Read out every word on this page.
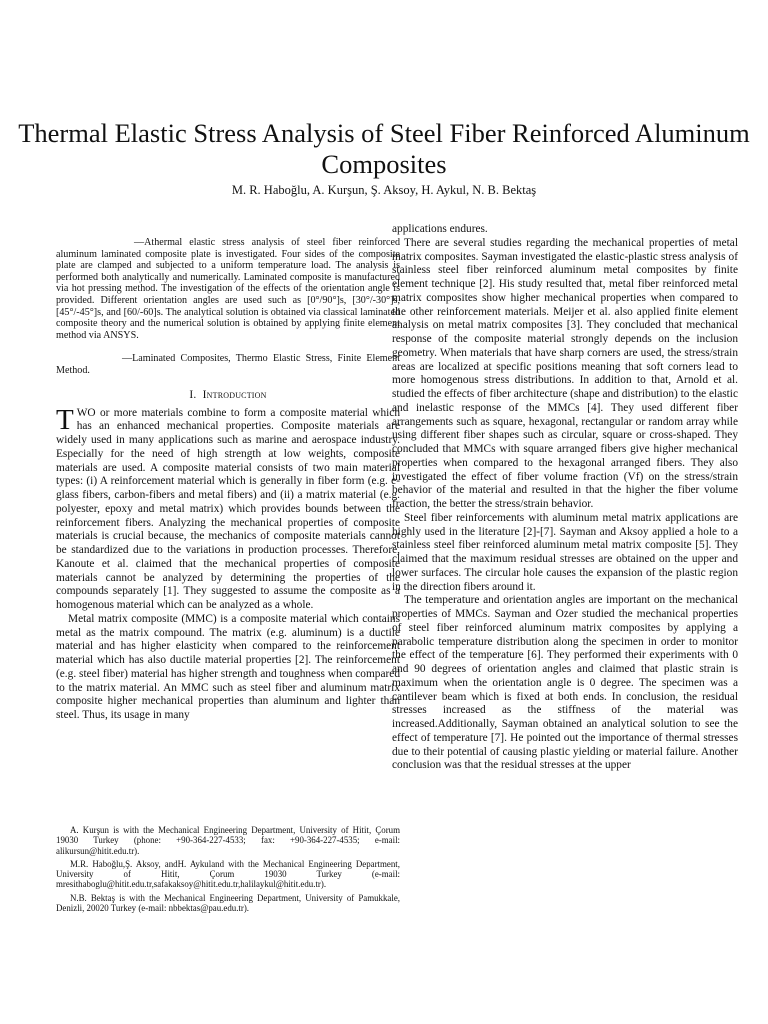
Thermal Elastic Stress Analysis of Steel Fiber Reinforced Aluminum Composites
M. R. Haboğlu, A. Kurşun, Ş. Aksoy, H. Aykul, N. B. Bektaş
—Athermal elastic stress analysis of steel fiber reinforced aluminum laminated composite plate is investigated. Four sides of the composite plate are clamped and subjected to a uniform temperature load. The analysis is performed both analytically and numerically. Laminated composite is manufactured via hot pressing method. The investigation of the effects of the orientation angle is provided. Different orientation angles are used such as [0°/90°]s, [30°/-30°]s, [45°/-45°]s, and [60/-60]s. The analytical solution is obtained via classical laminated composite theory and the numerical solution is obtained by applying finite element method via ANSYS.
—Laminated Composites, Thermo Elastic Stress, Finite Element Method.
I. Introduction

TWO or more materials combine to form a composite material which has an enhanced mechanical properties. Composite materials are widely used in many applications such as marine and aerospace industry. Especially for the need of high strength at low weights, composite materials are used. A composite material consists of two main material types: (i) A reinforcement material which is generally in fiber form (e.g. e-glass fibers, carbon-fibers and metal fibers) and (ii) a matrix material (e.g. polyester, epoxy and metal matrix) which provides bounds between the reinforcement fibers. Analyzing the mechanical properties of composite materials is crucial because, the mechanics of composite materials cannot be standardized due to the variations in production processes. Therefore, Kanoute et al. claimed that the mechanical properties of composite materials cannot be analyzed by determining the properties of the compounds separately [1]. They suggested to assume the composite as a homogenous material which can be analyzed as a whole.

Metal matrix composite (MMC) is a composite material which contains metal as the matrix compound. The matrix (e.g. aluminum) is a ductile material and has higher elasticity when compared to the reinforcement material which has also ductile material properties [2]. The reinforcement (e.g. steel fiber) material has higher strength and toughness when compared to the matrix material. An MMC such as steel fiber and aluminum matrix composite higher mechanical properties than aluminum and lighter than steel. Thus, its usage in many

A. Kurşun is with the Mechanical Engineering Department, University of Hitit, Çorum 19030 Turkey (phone: +90-364-227-4533; fax: +90-364-227-4535; e-mail: alikursun@hitit.edu.tr).

M.R. Haboğlu,Ş. Aksoy, andH. Aykuland with the Mechanical Engineering Department, University of Hitit, Çorum 19030 Turkey (e-mail: mresithaboglu@hitit.edu.tr,safakaksoy@hitit.edu.tr,halilaykul@hitit.edu.tr).

N.B. Bektaş is with the Mechanical Engineering Department, University of Pamukkale, Denizli, 20020 Turkey (e-mail: nbbektas@pau.edu.tr).

applications endures.

There are several studies regarding the mechanical properties of metal matrix composites. Sayman investigated the elastic-plastic stress analysis of stainless steel fiber reinforced aluminum metal composites by finite element technique [2]. His study resulted that, metal fiber reinforced metal matrix composites show higher mechanical properties when compared to the other reinforcement materials. Meijer et al. also applied finite element analysis on metal matrix composites [3]. They concluded that mechanical response of the composite material strongly depends on the inclusion geometry. When materials that have sharp corners are used, the stress/strain areas are localized at specific positions meaning that soft corners lead to more homogenous stress distributions. In addition to that, Arnold et al. studied the effects of fiber architecture (shape and distribution) to the elastic and inelastic response of the MMCs [4]. They used different fiber arrangements such as square, hexagonal, rectangular or random array while using different fiber shapes such as circular, square or cross-shaped. They concluded that MMCs with square arranged fibers give higher mechanical properties when compared to the hexagonal arranged fibers. They also investigated the effect of fiber volume fraction (Vf) on the stress/strain behavior of the material and resulted in that the higher the fiber volume fraction, the better the stress/strain behavior.

Steel fiber reinforcements with aluminum metal matrix applications are highly used in the literature [2]-[7]. Sayman and Aksoy applied a hole to a stainless steel fiber reinforced aluminum metal matrix composite [5]. They claimed that the maximum residual stresses are obtained on the upper and lower surfaces. The circular hole causes the expansion of the plastic region in the direction fibers around it.

The temperature and orientation angles are important on the mechanical properties of MMCs. Sayman and Ozer studied the mechanical properties of steel fiber reinforced aluminum matrix composites by applying a parabolic temperature distribution along the specimen in order to monitor the effect of the temperature [6]. They performed their experiments with 0 and 90 degrees of orientation angles and claimed that plastic strain is maximum when the orientation angle is 0 degree. The specimen was a cantilever beam which is fixed at both ends. In conclusion, the residual stresses increased as the stiffness of the material was increased.Additionally, Sayman obtained an analytical solution to see the effect of temperature [7]. He pointed out the importance of thermal stresses due to their potential of causing plastic yielding or material failure. Another conclusion was that the residual stresses at the upper
